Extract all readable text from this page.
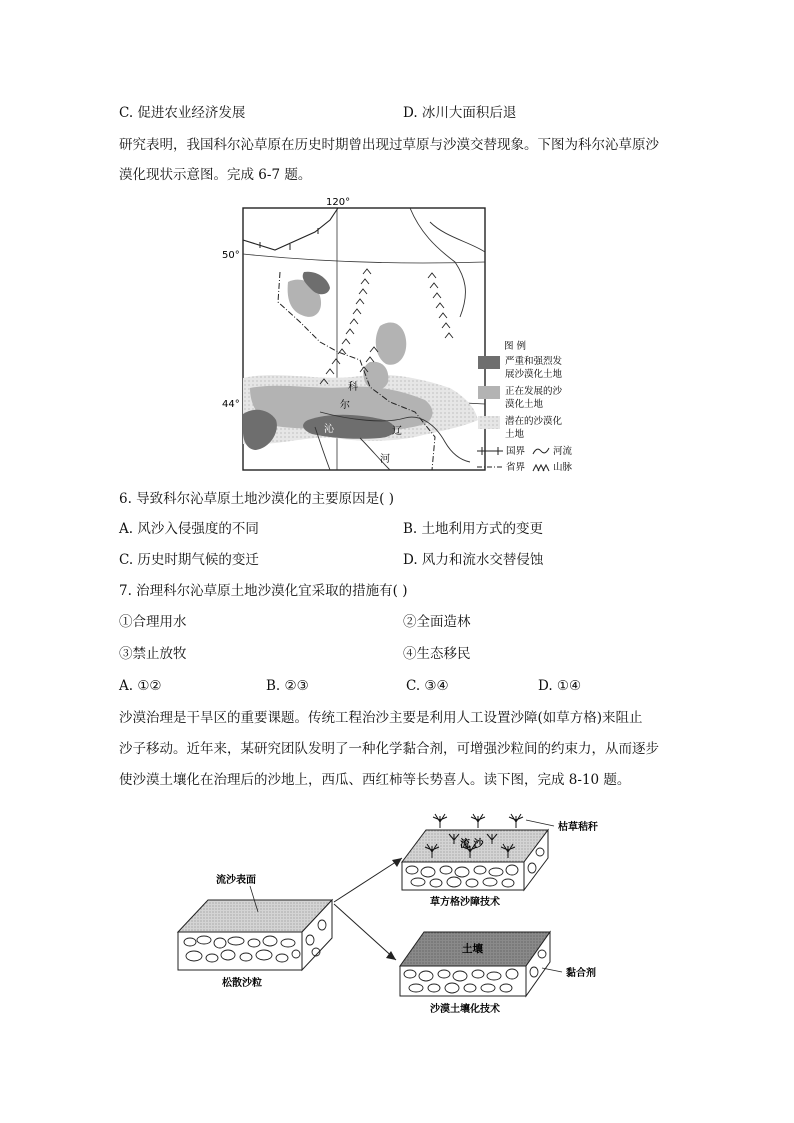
C. 促进农业经济发展	D. 冰川大面积后退
研究表明，我国科尔沁草原在历史时期曾出现过草原与沙漠交替现象。下图为科尔沁草原沙
漠化现状示意图。完成 6-7 题。
120°
50°
44°
科
尔
沁	辽
河
图 例
严重和强烈发
展沙漠化土地
正在发展的沙
漠化土地
潜在的沙漠化
土地
国界	河流
省界	山脉
6. 导致科尔沁草原土地沙漠化的主要原因是( )
A. 风沙入侵强度的不同	B. 土地利用方式的变更
C. 历史时期气候的变迁	D. 风力和流水交替侵蚀
7. 治理科尔沁草原土地沙漠化宜采取的措施有( )
①合理用水	②全面造林
③禁止放牧	④生态移民
A. ①②	B. ②③	C. ③④	D. ①④
沙漠治理是干旱区的重要课题。传统工程治沙主要是利用人工设置沙障(如草方格)来阻止
沙子移动。近年来，某研究团队发明了一种化学黏合剂，可增强沙粒间的约束力，从而逐步
使沙漠土壤化在治理后的沙地上，西瓜、西红柿等长势喜人。读下图，完成 8-10 题。
流沙表面
松散沙粒
流 沙
枯草秸秆
草方格沙障技术
土壤
黏合剂
沙漠土壤化技术
